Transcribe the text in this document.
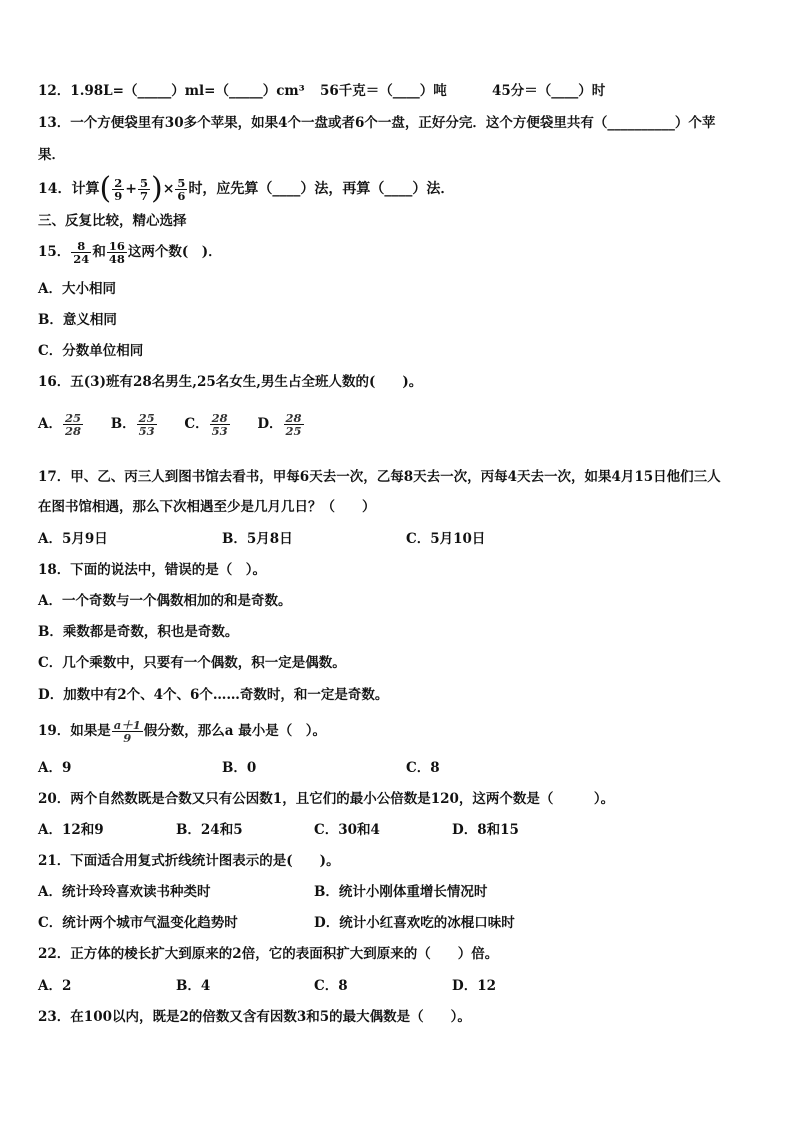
12．1.98L=（_____）ml=（_____）cm³ 56千克＝（____）吨	45分＝（____）时
13．一个方便袋里有30多个苹果，如果4个一盘或者6个一盘，正好分完．这个方便袋里共有（__________）个苹
果．
14．计算( $\frac{2}{9} + \frac{5}{7}$ )× $\frac{5}{6}$ 时，应先算（____）法，再算（____）法．
三、反复比较，精心选择
15． $\frac{8}{24}$ 和 $\frac{16}{48}$ 这两个数(　)．
A．大小相同
B．意义相同
C．分数单位相同
16．五(3)班有28名男生,25名女生,男生占全班人数的(　　)。
A． $\frac{25}{28}$ B． $\frac{25}{53}$ C． $\frac{28}{53}$ D． $\frac{28}{25}$
17．甲、乙、丙三人到图书馆去看书，甲每6天去一次，乙每8天去一次，丙每4天去一次，如果4月15日他们三人
在图书馆相遇，那么下次相遇至少是几月几日？（　　）
A．5月9日	B．5月8日	C．5月10日
18．下面的说法中，错误的是（　）。
A．一个奇数与一个偶数相加的和是奇数。
B．乘数都是奇数，积也是奇数。
C．几个乘数中，只要有一个偶数，积一定是偶数。
D．加数中有2个、4个、6个……奇数时，和一定是奇数。
19．如果是 $\frac{a+1}{9}$ 假分数，那么a 最小是（　）。
A．9	B．0	C．8
20．两个自然数既是合数又只有公因数1，且它们的最小公倍数是120，这两个数是（　　　）。
A．12和9	B．24和5	C．30和4	D．8和15
21．下面适合用复式折线统计图表示的是(　　)。
A．统计玲玲喜欢读书种类时	B．统计小刚体重增长情况时
C．统计两个城市气温变化趋势时	D．统计小红喜欢吃的冰棍口味时
22．正方体的棱长扩大到原来的2倍，它的表面积扩大到原来的（　　）倍。
A．2	B．4	C．8	D．12
23．在100以内，既是2的倍数又含有因数3和5的最大偶数是（　　）。
